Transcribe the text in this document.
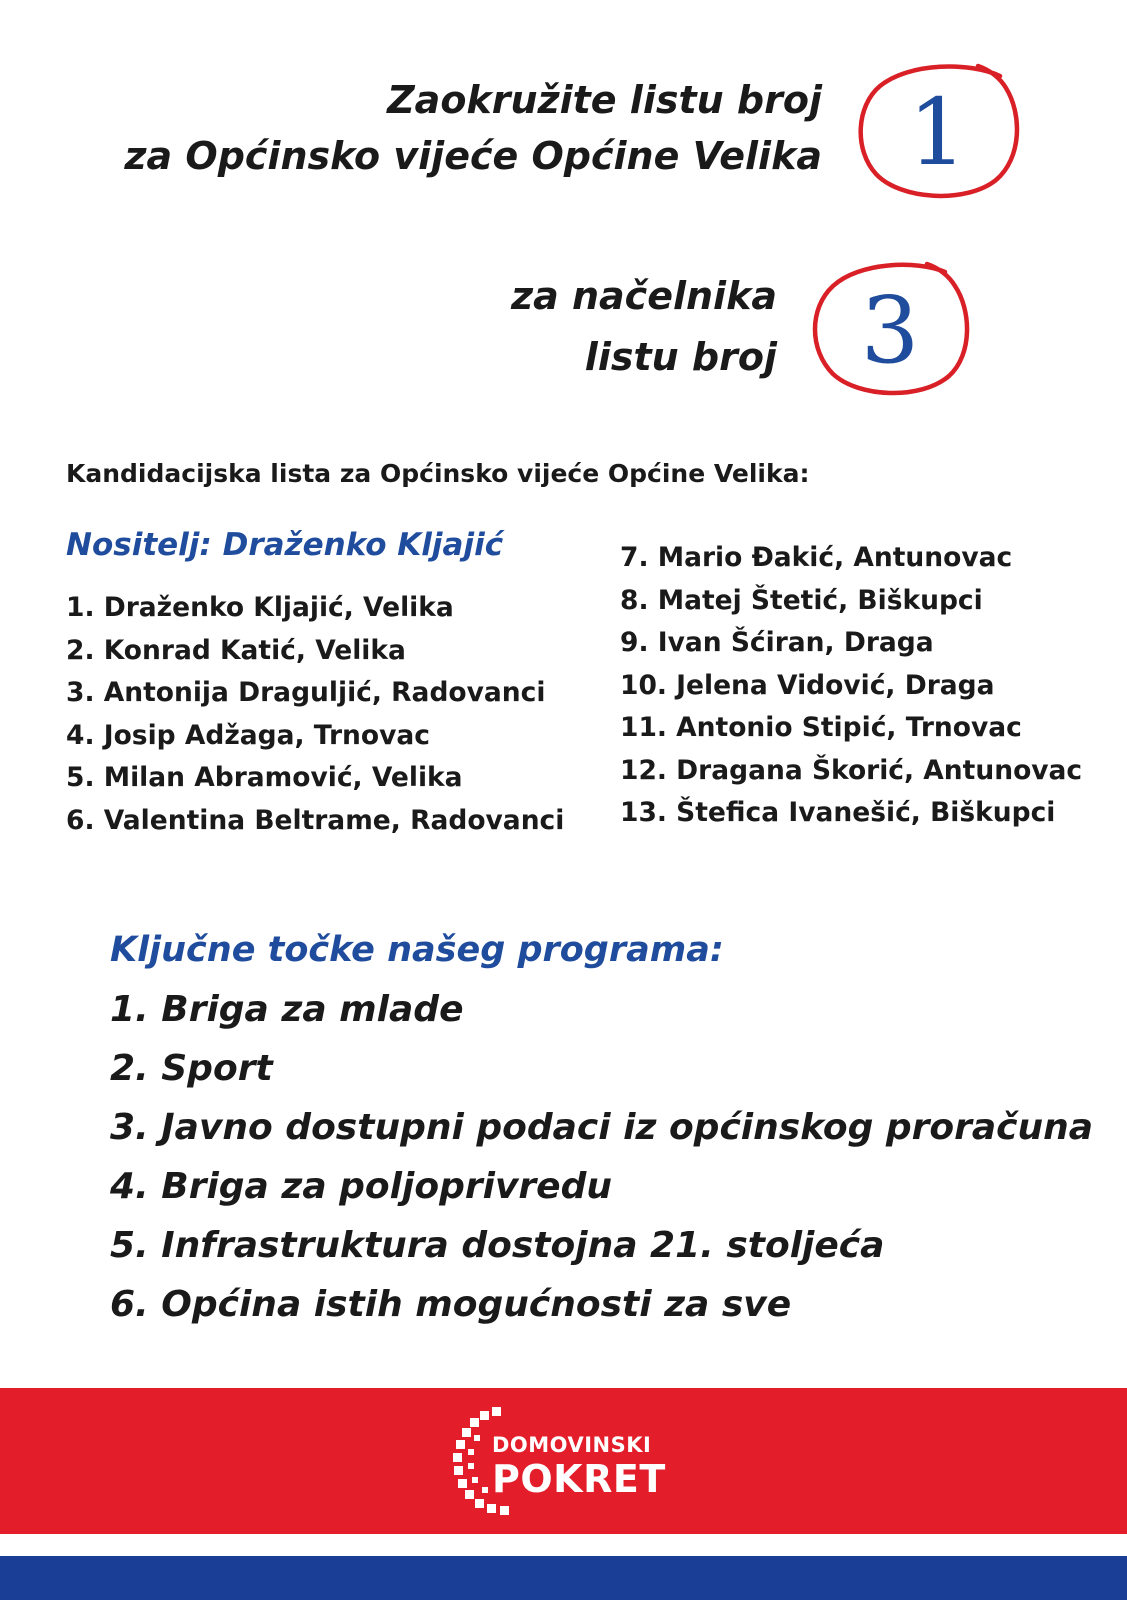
Zaokružite listu broj
za Općinsko vijeće Općine Velika 1
za načelnika
listu broj 3
Kandidacijska lista za Općinsko vijeće Općine Velika:
Nositelj: Draženko Kljajić
1. Draženko Kljajić, Velika
2. Konrad Katić, Velika
3. Antonija Draguljić, Radovanci
4. Josip Adžaga, Trnovac
5. Milan Abramović, Velika
6. Valentina Beltrame, Radovanci
7. Mario Đakić, Antunovac
8. Matej Štetić, Biškupci
9. Ivan Šćiran, Draga
10. Jelena Vidović, Draga
11. Antonio Stipić, Trnovac
12. Dragana Škorić, Antunovac
13. Štefica Ivanešić, Biškupci
Ključne točke našeg programa:
1. Briga za mlade
2. Sport
3. Javno dostupni podaci iz općinskog proračuna
4. Briga za poljoprivredu
5. Infrastruktura dostojna 21. stoljeća
6. Općina istih mogućnosti za sve
DOMOVINSKI
POKRET
